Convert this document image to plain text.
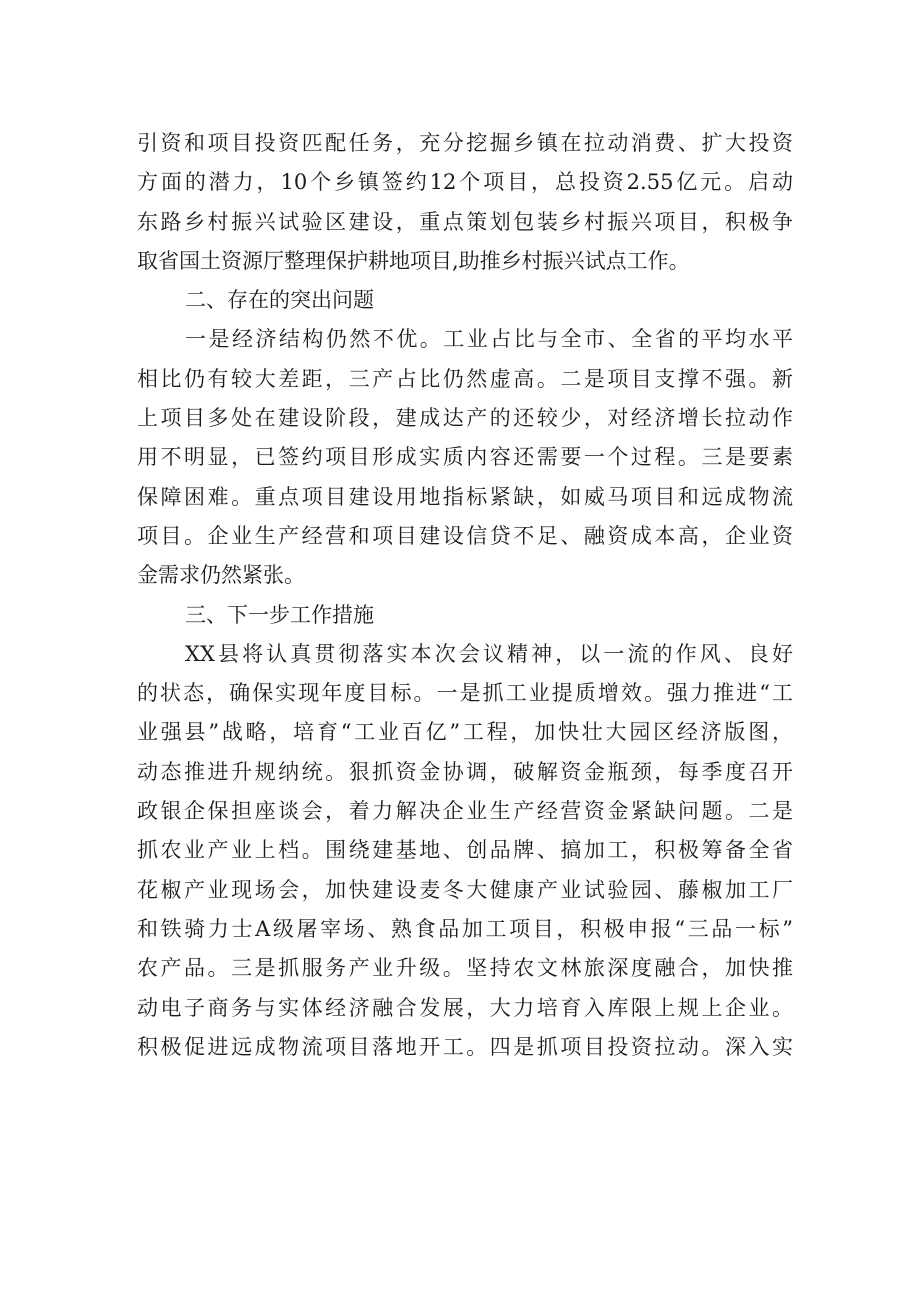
引资和项目投资匹配任务，充分挖掘乡镇在拉动消费、扩大投资
方面的潜力，10个乡镇签约12个项目，总投资2.55亿元。启动
东路乡村振兴试验区建设，重点策划包装乡村振兴项目，积极争
取省国土资源厅整理保护耕地项目,助推乡村振兴试点工作。
二、存在的突出问题
一是经济结构仍然不优。工业占比与全市、全省的平均水平
相比仍有较大差距，三产占比仍然虚高。二是项目支撑不强。新
上项目多处在建设阶段，建成达产的还较少，对经济增长拉动作
用不明显，已签约项目形成实质内容还需要一个过程。三是要素
保障困难。重点项目建设用地指标紧缺，如威马项目和远成物流
项目。企业生产经营和项目建设信贷不足、融资成本高，企业资
金需求仍然紧张。
三、下一步工作措施
XX县将认真贯彻落实本次会议精神，以一流的作风、良好
的状态，确保实现年度目标。一是抓工业提质增效。强力推进“工
业强县”战略，培育“工业百亿”工程，加快壮大园区经济版图，
动态推进升规纳统。狠抓资金协调，破解资金瓶颈，每季度召开
政银企保担座谈会，着力解决企业生产经营资金紧缺问题。二是
抓农业产业上档。围绕建基地、创品牌、搞加工，积极筹备全省
花椒产业现场会，加快建设麦冬大健康产业试验园、藤椒加工厂
和铁骑力士A级屠宰场、熟食品加工项目，积极申报“三品一标”
农产品。三是抓服务产业升级。坚持农文林旅深度融合，加快推
动电子商务与实体经济融合发展，大力培育入库限上规上企业。
积极促进远成物流项目落地开工。四是抓项目投资拉动。深入实
